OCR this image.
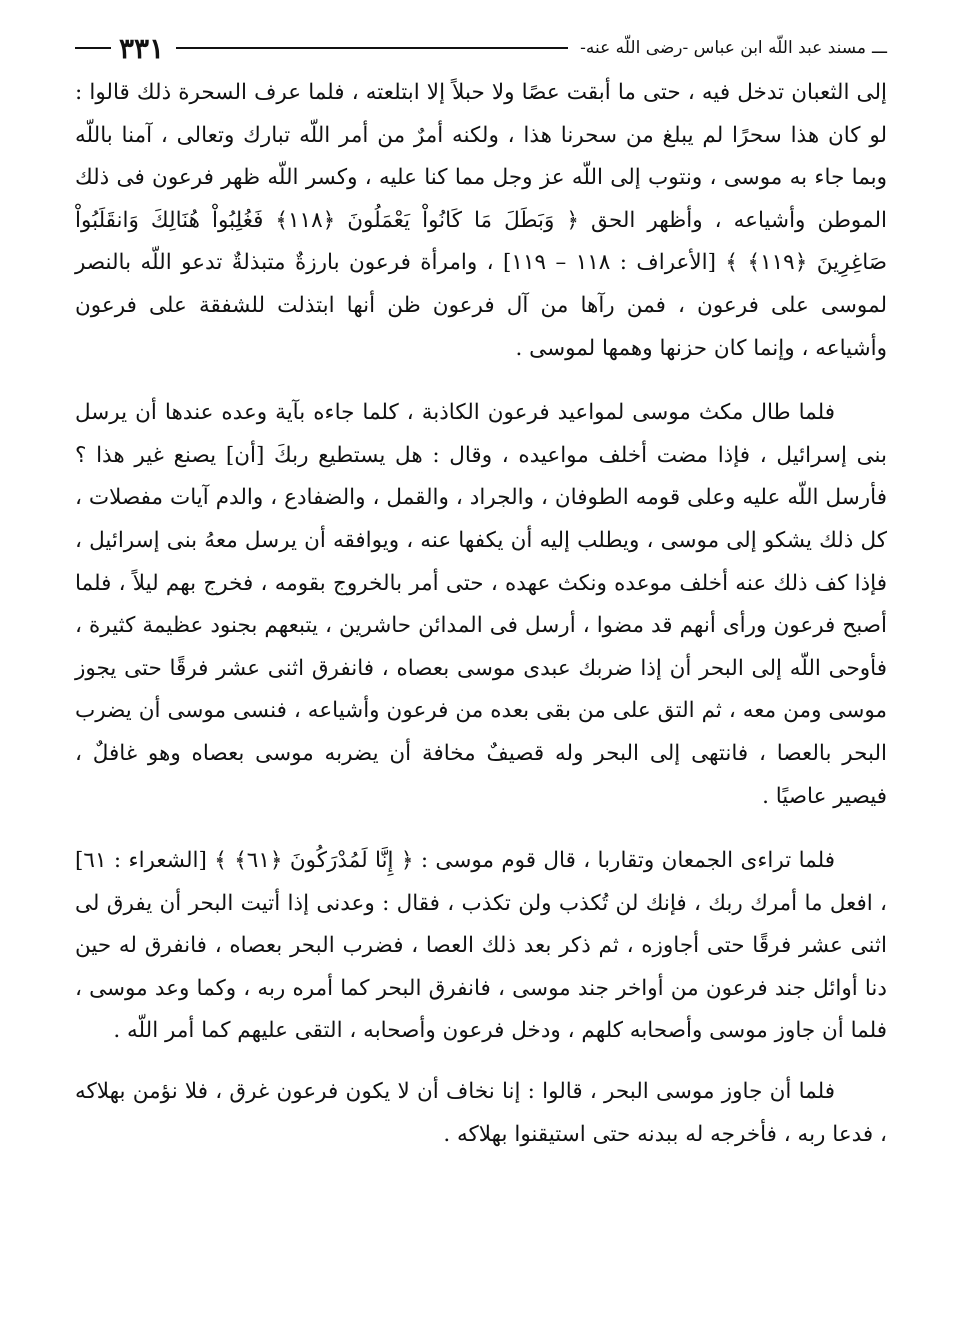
ـــ
مسند عبد اللّه ابن عباس -رضى اللّه عنه-
٣٣١

إلى الثعبان تدخل فيه ، حتى ما أبقت عصًا ولا حبلاً إلا ابتلعته ، فلما عرف السحرة ذلك قالوا : لو كان هذا سحرًا لم يبلغ من سحرنا هذا ، ولكنه أمرٌ من أمر اللّه تبارك وتعالى ، آمنا باللّه وبما جاء به موسى ، ونتوب إلى اللّه عز وجل مما كنا عليه ، وكسر اللّه ظهر فرعون فى ذلك الموطن وأشياعه ، وأظهر الحق ﴿ وَبَطَلَ مَا كَانُواْ يَعْمَلُونَ ﴿١١٨﴾ فَغُلِبُواْ هُنَالِكَ وَانقَلَبُواْ صَاغِرِينَ ﴿١١٩﴾ ﴾ [الأعراف : ١١٨ – ١١٩] ، وامرأة فرعون بارزةٌ متبذلةٌ تدعو اللّه بالنصر لموسى على فرعون ، فمن رآها من آل فرعون ظن أنها ابتذلت للشفقة على فرعون وأشياعه ، وإنما كان حزنها وهمها لموسى .

فلما طال مكث موسى لمواعيد فرعون الكاذبة ، كلما جاءه بآية وعده عندها أن يرسل بنى إسرائيل ، فإذا مضت أخلف مواعيده ، وقال : هل يستطيع ربكَ [أن] يصنع غير هذا ؟ فأرسل اللّه عليه وعلى قومه الطوفان ، والجراد ، والقمل ، والضفادع ، والدم آيات مفصلات ، كل ذلك يشكو إلى موسى ، ويطلب إليه أن يكفها عنه ، ويوافقه أن يرسل معهُ بنى إسرائيل ، فإذا كف ذلك عنه أخلف موعده ونكث عهده ، حتى أمر بالخروج بقومه ، فخرج بهم ليلاً ، فلما أصبح فرعون ورأى أنهم قد مضوا ، أرسل فى المدائن حاشرين ، يتبعهم بجنود عظيمة كثيرة ، فأوحى اللّه إلى البحر أن إذا ضربك عبدى موسى بعصاه ، فانفرق اثنى عشر فرقًا حتى يجوز موسى ومن معه ، ثم التق على من بقى بعده من فرعون وأشياعه ، فنسى موسى أن يضرب البحر بالعصا ، فانتهى إلى البحر وله قصيفٌ مخافة أن يضربه موسى بعصاه وهو غافلٌ ، فيصير عاصيًا .

فلما تراءى الجمعان وتقاربا ، قال قوم موسى : ﴿ إِنَّا لَمُدْرَكُونَ ﴿٦١﴾ ﴾ [الشعراء : ٦١] ، افعل ما أمرك ربك ، فإنك لن تُكذب ولن تكذب ، فقال : وعدنى إذا أتيت البحر أن يفرق لى اثنى عشر فرقًا حتى أجاوزه ، ثم ذكر بعد ذلك العصا ، فضرب البحر بعصاه ، فانفرق له حين دنا أوائل جند فرعون من أواخر جند موسى ، فانفرق البحر كما أمره ربه ، وكما وعد موسى ، فلما أن جاوز موسى وأصحابه كلهم ، ودخل فرعون وأصحابه ، التقى عليهم كما أمر اللّه .

فلما أن جاوز موسى البحر ، قالوا : إنا نخاف أن لا يكون فرعون غرق ، فلا نؤمن بهلاكه ، فدعا ربه ، فأخرجه له ببدنه حتى استيقنوا بهلاكه .
